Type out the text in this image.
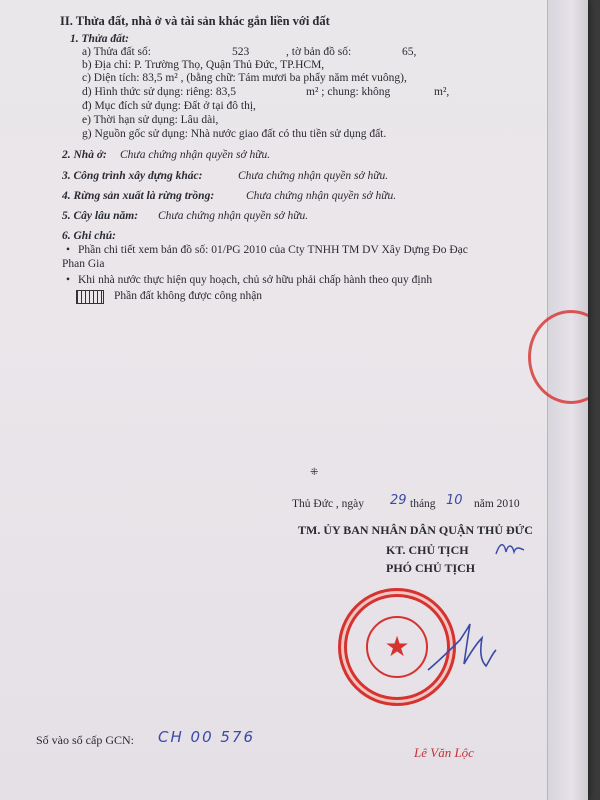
II. Thửa đất, nhà ở và tài sản khác gắn liền với đất
1. Thửa đất:
a) Thửa đất số:	523	, tờ bản đồ số:	65,
b) Địa chỉ: P. Trường Thọ, Quận Thủ Đức, TP.HCM,
c) Diện tích: 83,5 m² , (bằng chữ: Tám mươi ba phẩy năm mét vuông),
d) Hình thức sử dụng: riêng: 83,5	m² ; chung: không	m²,
đ) Mục đích sử dụng: Đất ở tại đô thị,
e) Thời hạn sử dụng: Lâu dài,
g) Nguồn gốc sử dụng: Nhà nước giao đất có thu tiền sử dụng đất.
2. Nhà ở: Chưa chứng nhận quyền sở hữu.
3. Công trình xây dựng khác:	Chưa chứng nhận quyền sở hữu.
4. Rừng sản xuất là rừng trồng:	Chưa chứng nhận quyền sở hữu.
5. Cây lâu năm: Chưa chứng nhận quyền sở hữu.
6. Ghi chú:
• Phần chi tiết xem bản đồ số: 01/PG 2010 của Cty TNHH TM DV Xây Dựng Đo Đạc
Phan Gia
• Khi nhà nước thực hiện quy hoạch, chủ sở hữu phải chấp hành theo quy định
Phần đất không được công nhận
⁜
Thủ Đức , ngày 29 tháng 10 năm 2010
TM. ỦY BAN NHÂN DÂN QUẬN THỦ ĐỨC
KT. CHỦ TỊCH
PHÓ CHỦ TỊCH
★
Số vào sổ cấp GCN: CH 00 576
Lê Văn Lộc
